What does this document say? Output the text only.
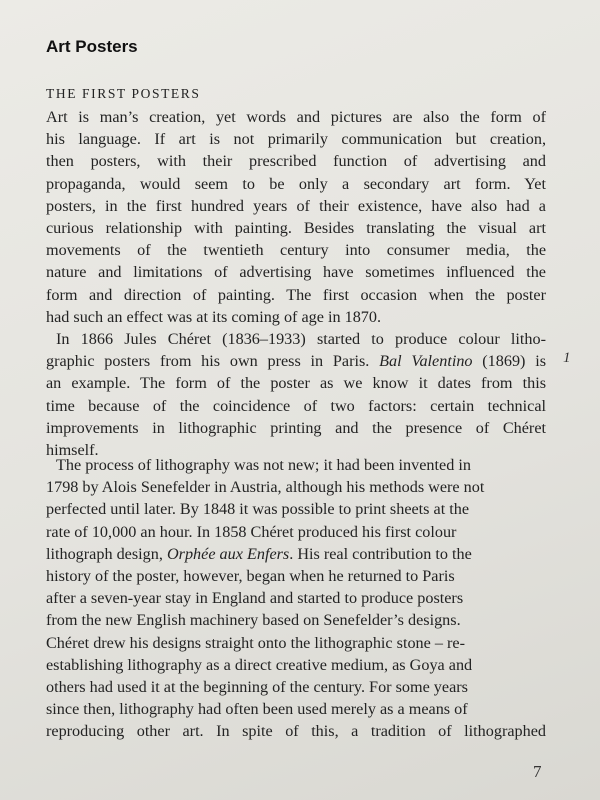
Art Posters
THE FIRST POSTERS
Art is man’s creation, yet words and pictures are also the form of
his language. If art is not primarily communication but creation,
then posters, with their prescribed function of advertising and
propaganda, would seem to be only a secondary art form. Yet
posters, in the first hundred years of their existence, have also had a
curious relationship with painting. Besides translating the visual art
movements of the twentieth century into consumer media, the
nature and limitations of advertising have sometimes influenced the
form and direction of painting. The first occasion when the poster
had such an effect was at its coming of age in 1870.
In 1866 Jules Chéret (1836–1933) started to produce colour litho-
graphic posters from his own press in Paris. Bal Valentino (1869) is
an example. The form of the poster as we know it dates from this
time because of the coincidence of two factors: certain technical
improvements in lithographic printing and the presence of Chéret
himself.
1
The process of lithography was not new; it had been invented in
1798 by Alois Senefelder in Austria, although his methods were not
perfected until later. By 1848 it was possible to print sheets at the
rate of 10,000 an hour. In 1858 Chéret produced his first colour
lithograph design, Orphée aux Enfers. His real contribution to the
history of the poster, however, began when he returned to Paris
after a seven-year stay in England and started to produce posters
from the new English machinery based on Senefelder’s designs.
Chéret drew his designs straight onto the lithographic stone – re-
establishing lithography as a direct creative medium, as Goya and
others had used it at the beginning of the century. For some years
since then, lithography had often been used merely as a means of
reproducing other art. In spite of this, a tradition of lithographed
7
